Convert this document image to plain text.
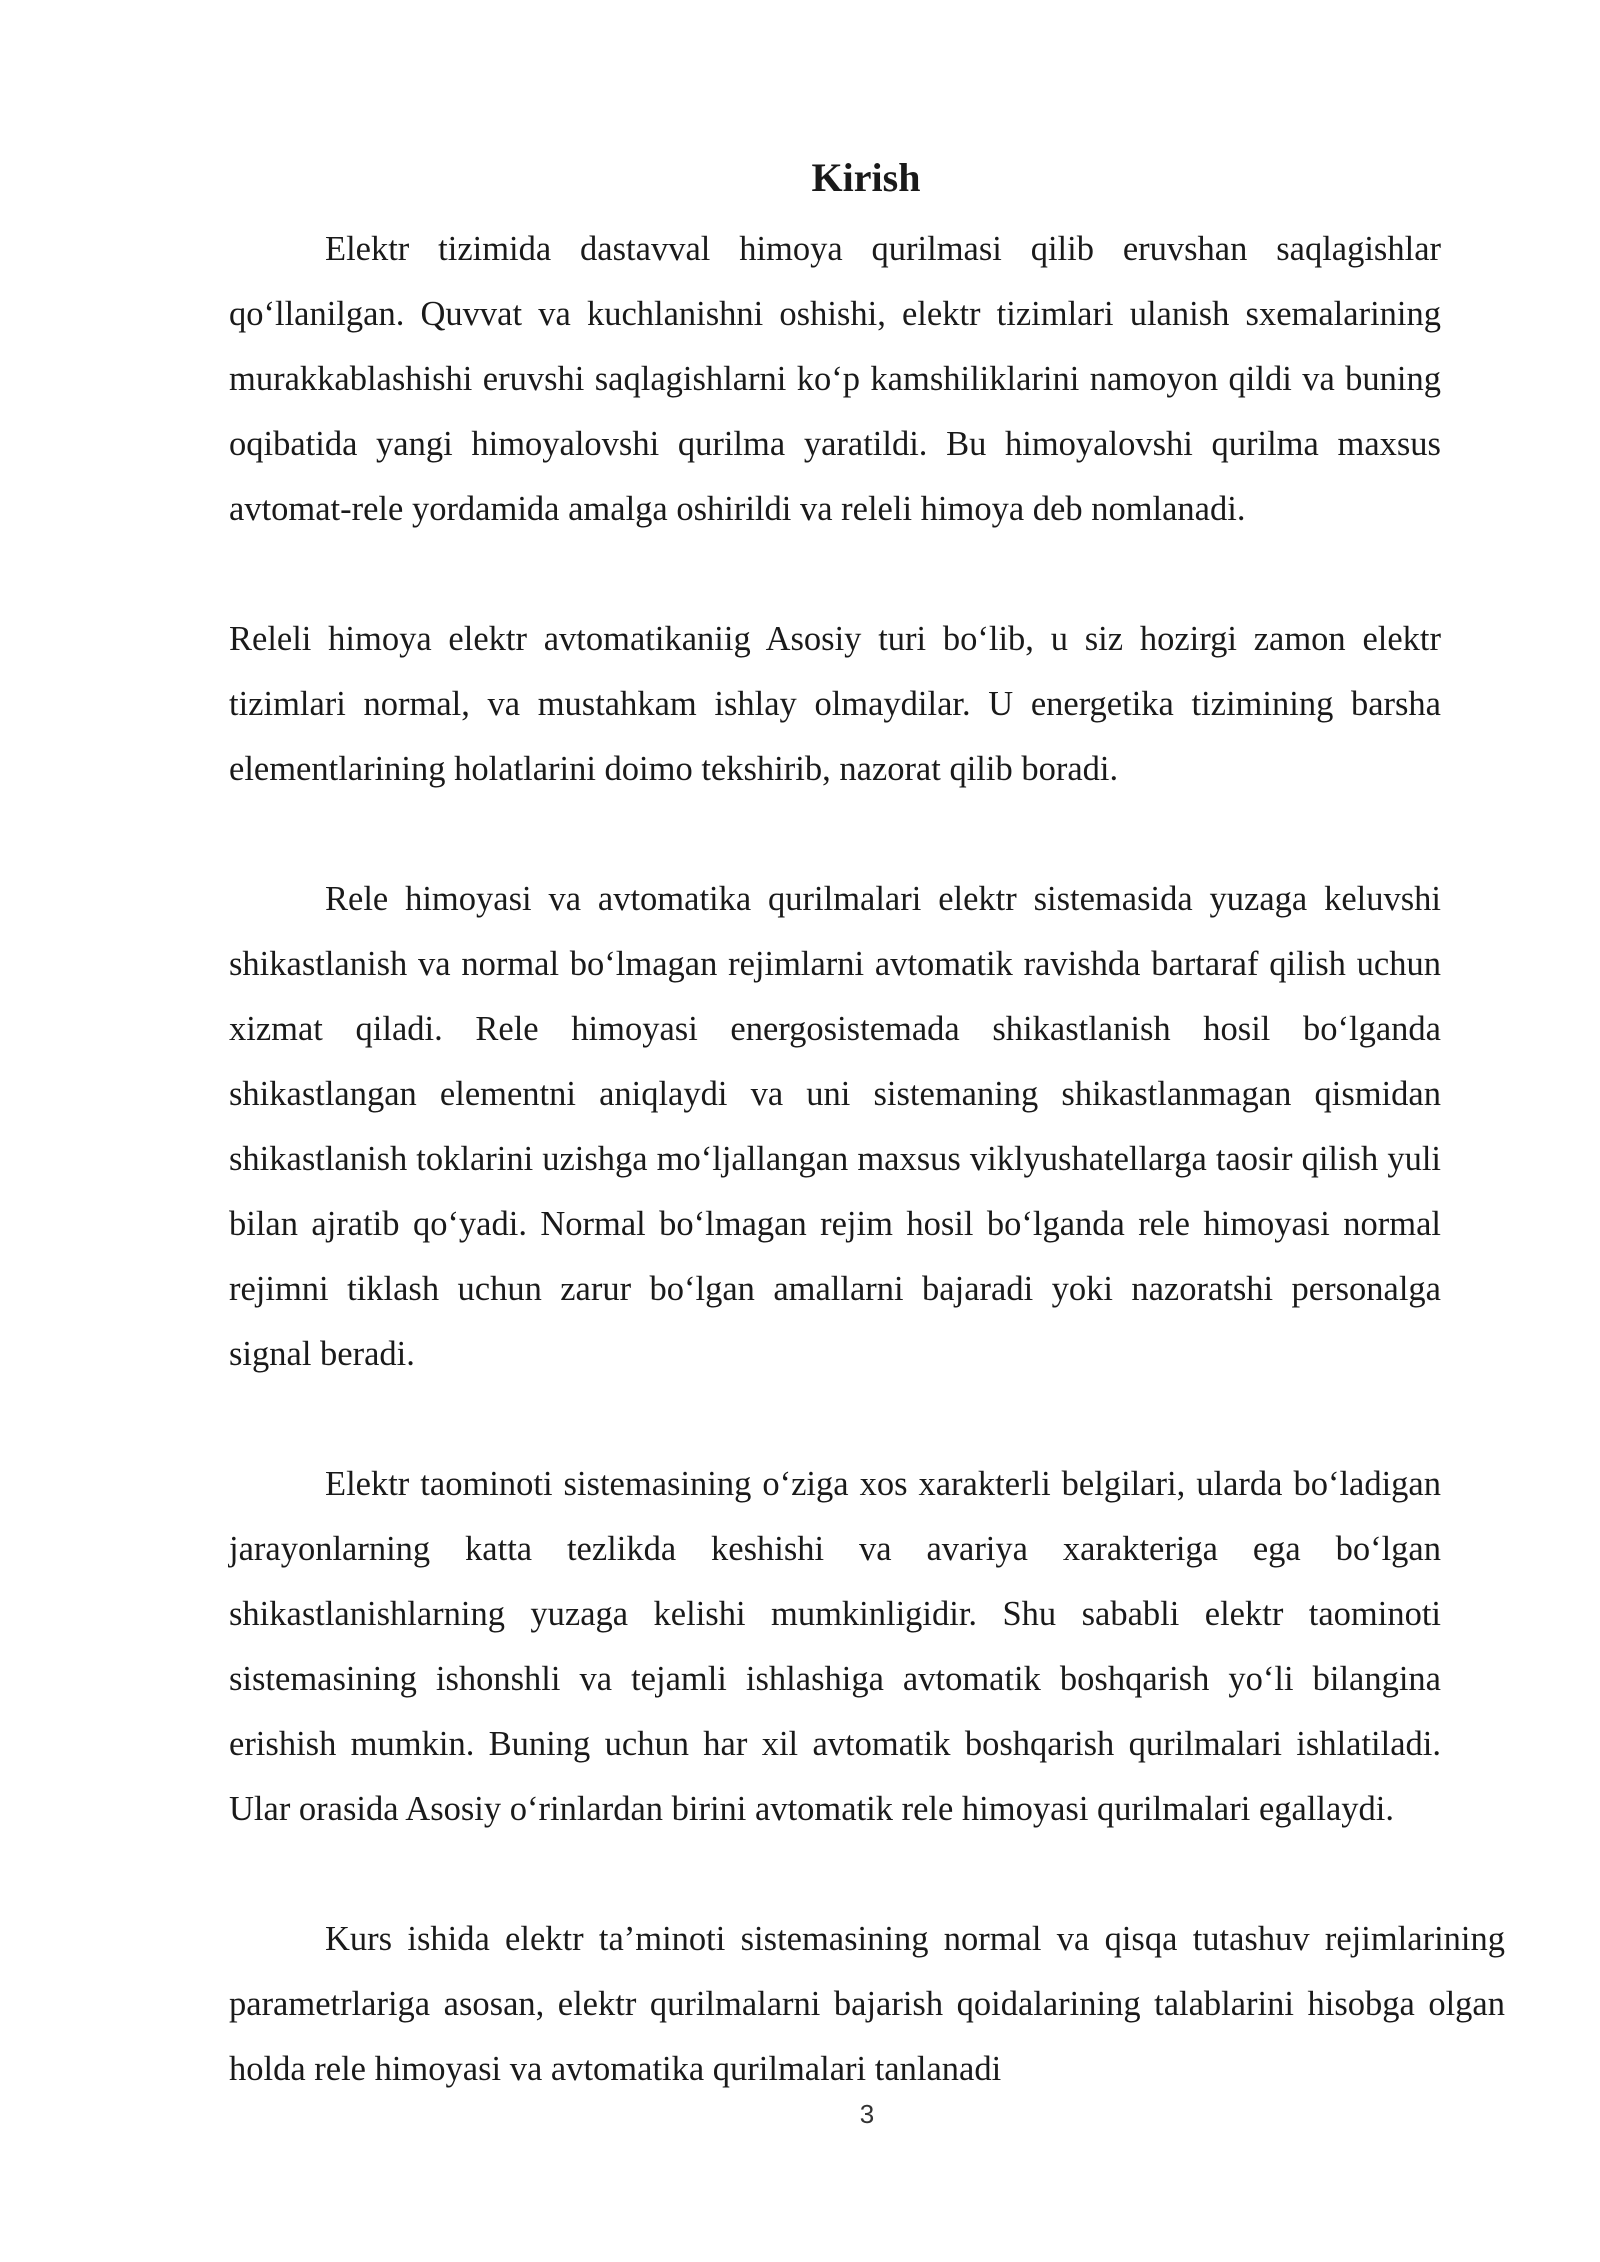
Kirish

Elektr tizimida dastavval himoya qurilmasi qilib eruvshan saqlagishlar qo‘llanilgan. Quvvat va kuchlanishni oshishi, elektr tizimlari ulanish sxemalarining murakkablashishi eruvshi saqlagishlarni ko‘p kamshiliklarini namoyon qildi va buning oqibatida yangi himoyalovshi qurilma yaratildi. Bu himoyalovshi qurilma maxsus avtomat-rele yordamida amalga oshirildi va releli himoya deb nomlanadi.

Releli himoya elektr avtomatikaniig Asosiy turi bo‘lib, u siz hozirgi zamon elektr tizimlari normal, va mustahkam ishlay olmaydilar. U energetika tizimining barsha elementlarining holatlarini doimo tekshirib, nazorat qilib boradi.

Rele himoyasi va avtomatika qurilmalari elektr sistemasida yuzaga keluvshi shikastlanish va normal bo‘lmagan rejimlarni avtomatik ravishda bartaraf qilish uchun xizmat qiladi. Rele himoyasi energosistemada shikastlanish hosil bo‘lganda shikastlangan elementni aniqlaydi va uni sistemaning shikastlanmagan qismidan shikastlanish toklarini uzishga mo‘ljallangan maxsus viklyushatellarga taosir qilish yuli bilan ajratib qo‘yadi. Normal bo‘lmagan rejim hosil bo‘lganda rele himoyasi normal rejimni tiklash uchun zarur bo‘lgan amallarni bajaradi yoki nazoratshi personalga signal beradi.

Elektr taominoti sistemasining o‘ziga xos xarakterli belgilari, ularda bo‘ladigan jarayonlarning katta tezlikda keshishi va avariya xarakteriga ega bo‘lgan shikastlanishlarning yuzaga kelishi mumkinligidir. Shu sababli elektr taominoti sistemasining ishonshli va tejamli ishlashiga avtomatik boshqarish yo‘li bilangina erishish mumkin. Buning uchun har xil avtomatik boshqarish qurilmalari ishlatiladi. Ular orasida Asosiy o‘rinlardan birini avtomatik rele himoyasi qurilmalari egallaydi.

Kurs ishida elektr ta’minoti sistemasining normal va qisqa tutashuv rejimlarining parametrlariga asosan, elektr qurilmalarni bajarish qoidalarining talablarini hisobga olgan holda rele himoyasi va avtomatika qurilmalari tanlanadi

3
